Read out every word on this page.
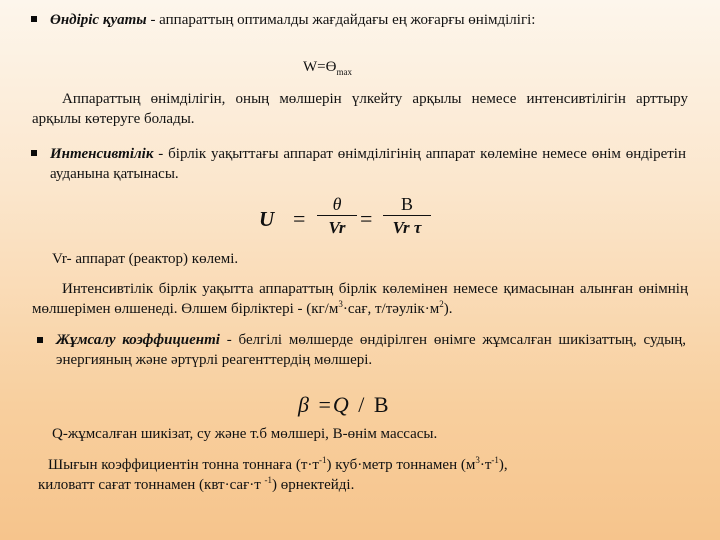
Өндіріс қуаты - аппараттың оптималды жағдайдағы ең жоғарғы өнімділігі:
$W=Ө_{max}$
Аппараттың өнімділігін, оның мөлшерін үлкейту арқылы немесе интенсивтілігін арттыру арқылы көтеруге болады.
Интенсивтілік - бірлік уақыттағы аппарат өнімділігінің аппарат көлеміне немесе өнім өндіретін ауданына қатынасы.
U =
θ
Vr =
B
Vr τ
Vr- аппарат (реактор) көлемі.
Интенсивтілік бірлік уақытта аппараттың бірлік көлемінен немесе қимасынан алынған өнімнің мөлшерімен өлшенеді. Өлшем бірліктері - ($кг/м^3\cdot сағ$, $т/тәулік\cdot м^2$).
Жұмсалу коэффициенті - белгілі мөлшерде өндірілген өнімге жұмсалған шикізаттың, судың, энергияның және әртүрлі реагенттердің мөлшері.
β =Q / B
Q-жұмсалған шикізат, су және т.б мөлшері, В-өнім массасы.
Шығын коэффициентін тонна тоннаға $(т\cdot т^{-1})$ куб·метр тоннамен $(м^3\cdot т^{-1})$,
киловатт сағат тоннамен (квт·сағ·т $^{-1}$) өрнектейді.
